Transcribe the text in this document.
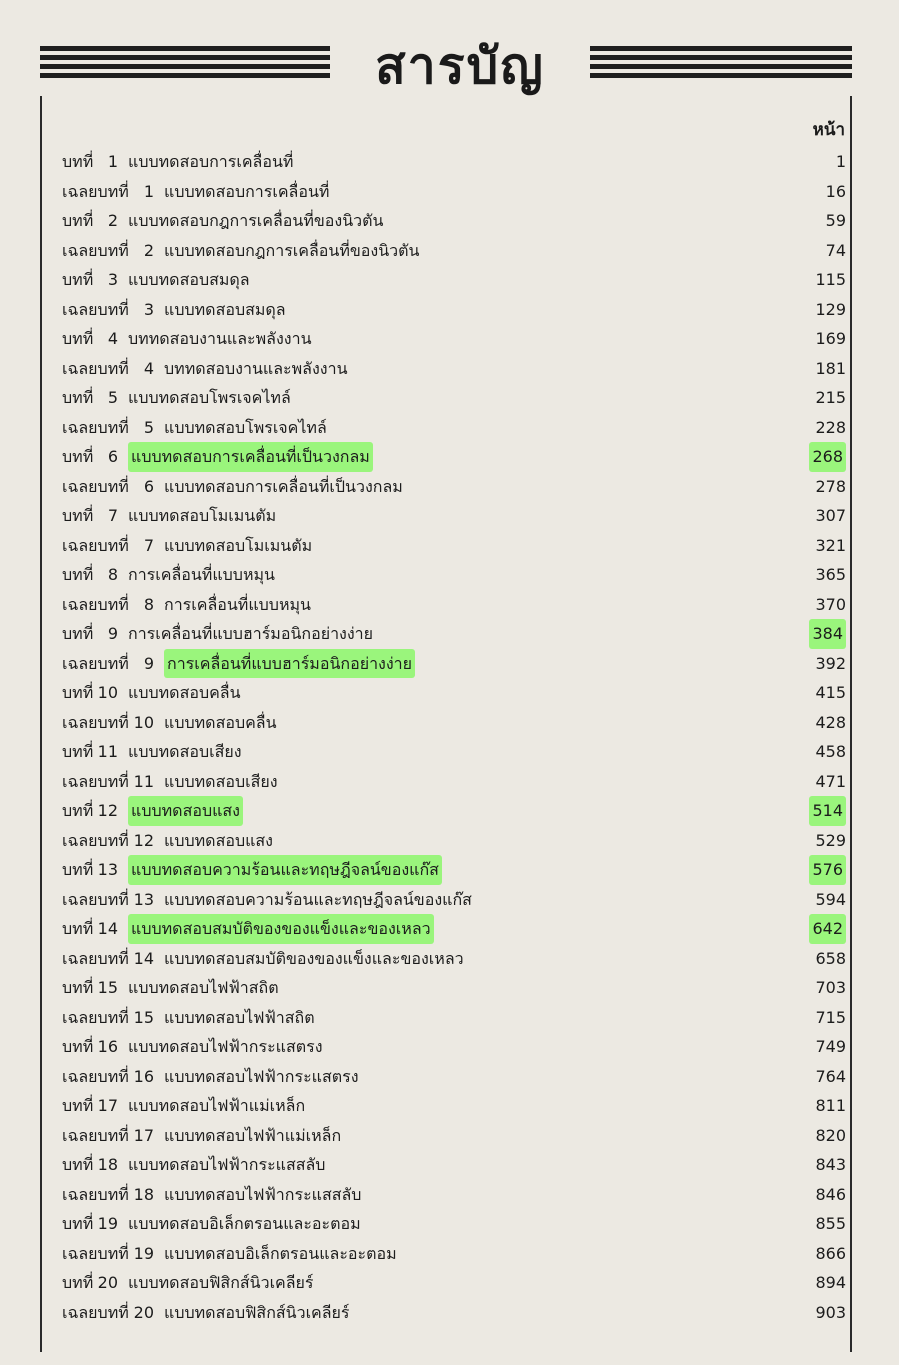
สารบัญ
หน้า
บทที่ 1 แบบทดสอบการเคลื่อนที่	1
เฉลยบทที่ 1 แบบทดสอบการเคลื่อนที่	16
บทที่ 2 แบบทดสอบกฎการเคลื่อนที่ของนิวตัน	59
เฉลยบทที่ 2 แบบทดสอบกฎการเคลื่อนที่ของนิวตัน	74
บทที่ 3 แบบทดสอบสมดุล	115
เฉลยบทที่ 3 แบบทดสอบสมดุล	129
บทที่ 4 บททดสอบงานและพลังงาน	169
เฉลยบทที่ 4 บททดสอบงานและพลังงาน	181
บทที่ 5 แบบทดสอบโพรเจคไทล์	215
เฉลยบทที่ 5 แบบทดสอบโพรเจคไทล์	228
บทที่ 6 แบบทดสอบการเคลื่อนที่เป็นวงกลม	268
เฉลยบทที่ 6 แบบทดสอบการเคลื่อนที่เป็นวงกลม	278
บทที่ 7 แบบทดสอบโมเมนตัม	307
เฉลยบทที่ 7 แบบทดสอบโมเมนตัม	321
บทที่ 8 การเคลื่อนที่แบบหมุน	365
เฉลยบทที่ 8 การเคลื่อนที่แบบหมุน	370
บทที่ 9 การเคลื่อนที่แบบฮาร์มอนิกอย่างง่าย	384
เฉลยบทที่ 9 การเคลื่อนที่แบบฮาร์มอนิกอย่างง่าย	392
บทที่ 10 แบบทดสอบคลื่น	415
เฉลยบทที่ 10 แบบทดสอบคลื่น	428
บทที่ 11 แบบทดสอบเสียง	458
เฉลยบทที่ 11 แบบทดสอบเสียง	471
บทที่ 12 แบบทดสอบแสง	514
เฉลยบทที่ 12 แบบทดสอบแสง	529
บทที่ 13 แบบทดสอบความร้อนและทฤษฎีจลน์ของแก๊ส	576
เฉลยบทที่ 13 แบบทดสอบความร้อนและทฤษฎีจลน์ของแก๊ส	594
บทที่ 14 แบบทดสอบสมบัติของของแข็งและของเหลว	642
เฉลยบทที่ 14 แบบทดสอบสมบัติของของแข็งและของเหลว	658
บทที่ 15 แบบทดสอบไฟฟ้าสถิต	703
เฉลยบทที่ 15 แบบทดสอบไฟฟ้าสถิต	715
บทที่ 16 แบบทดสอบไฟฟ้ากระแสตรง	749
เฉลยบทที่ 16 แบบทดสอบไฟฟ้ากระแสตรง	764
บทที่ 17 แบบทดสอบไฟฟ้าแม่เหล็ก	811
เฉลยบทที่ 17 แบบทดสอบไฟฟ้าแม่เหล็ก	820
บทที่ 18 แบบทดสอบไฟฟ้ากระแสสลับ	843
เฉลยบทที่ 18 แบบทดสอบไฟฟ้ากระแสสลับ	846
บทที่ 19 แบบทดสอบอิเล็กตรอนและอะตอม	855
เฉลยบทที่ 19 แบบทดสอบอิเล็กตรอนและอะตอม	866
บทที่ 20 แบบทดสอบฟิสิกส์นิวเคลียร์	894
เฉลยบทที่ 20 แบบทดสอบฟิสิกส์นิวเคลียร์	903
